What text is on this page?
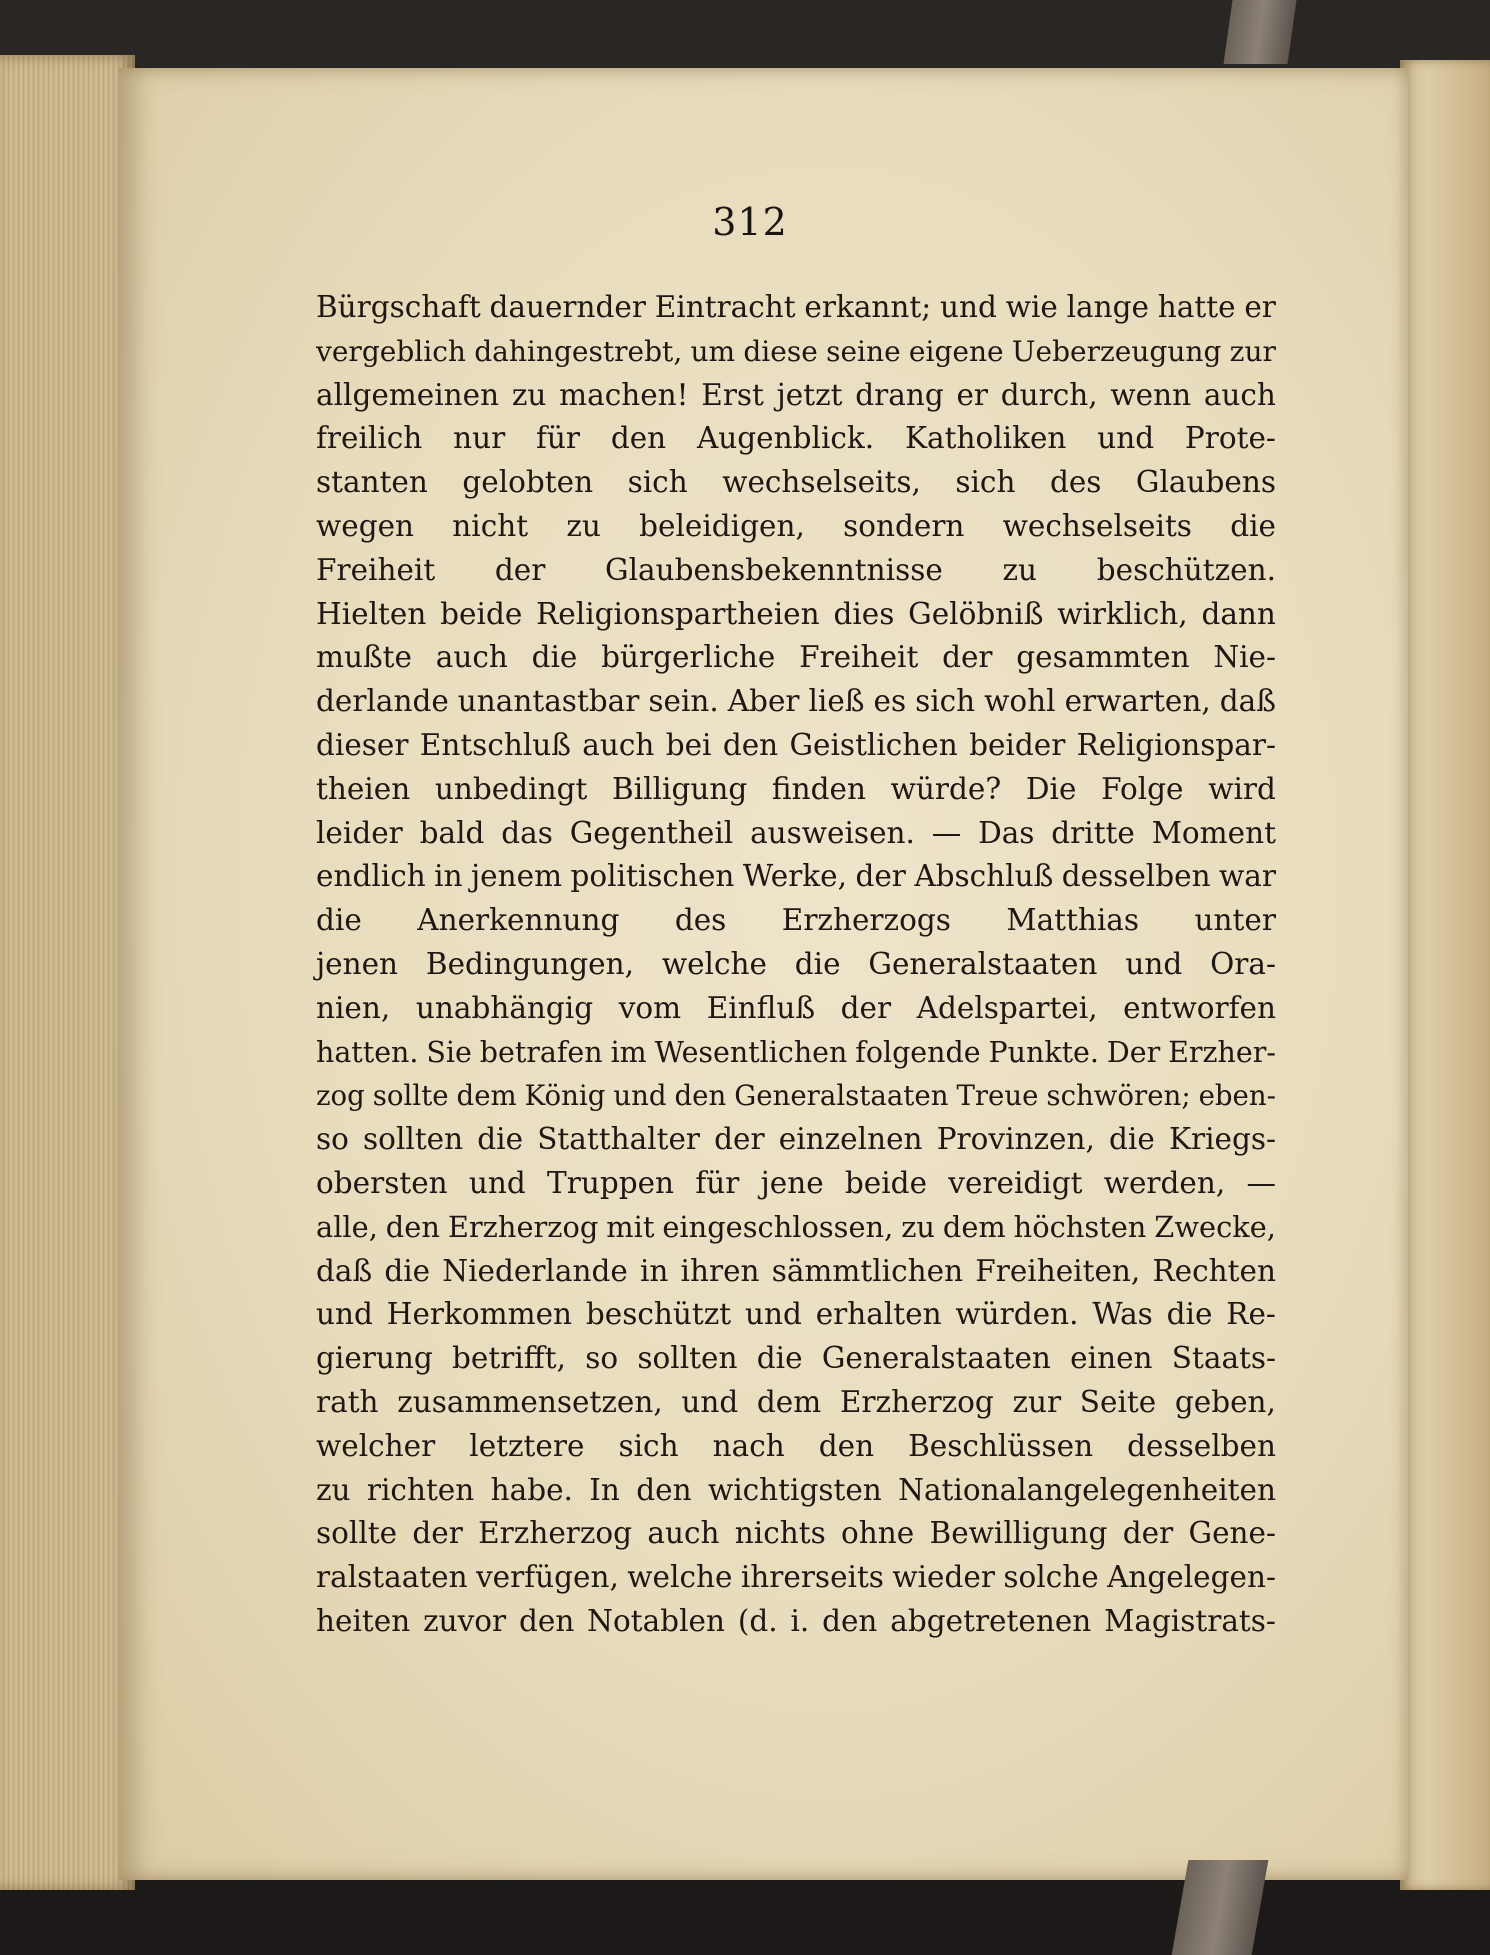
312
Bürgschaft dauernder Eintracht erkannt; und wie lange hatte er
vergeblich dahingestrebt, um diese seine eigene Ueberzeugung zur
allgemeinen zu machen! Erst jetzt drang er durch, wenn auch
freilich nur für den Augenblick. Katholiken und Prote-
stanten gelobten sich wechselseits, sich des Glaubens
wegen nicht zu beleidigen, sondern wechselseits die
Freiheit der Glaubensbekenntnisse zu beschützen.
Hielten beide Religionspartheien dies Gelöbniß wirklich, dann
mußte auch die bürgerliche Freiheit der gesammten Nie-
derlande unantastbar sein. Aber ließ es sich wohl erwarten, daß
dieser Entschluß auch bei den Geistlichen beider Religionspar-
theien unbedingt Billigung finden würde? Die Folge wird
leider bald das Gegentheil ausweisen. — Das dritte Moment
endlich in jenem politischen Werke, der Abschluß desselben war
die Anerkennung des Erzherzogs Matthias unter
jenen Bedingungen, welche die Generalstaaten und Ora-
nien, unabhängig vom Einfluß der Adelspartei, entworfen
hatten. Sie betrafen im Wesentlichen folgende Punkte. Der Erzher-
zog sollte dem König und den Generalstaaten Treue schwören; eben-
so sollten die Statthalter der einzelnen Provinzen, die Kriegs-
obersten und Truppen für jene beide vereidigt werden, —
alle, den Erzherzog mit eingeschlossen, zu dem höchsten Zwecke,
daß die Niederlande in ihren sämmtlichen Freiheiten, Rechten
und Herkommen beschützt und erhalten würden. Was die Re-
gierung betrifft, so sollten die Generalstaaten einen Staats-
rath zusammensetzen, und dem Erzherzog zur Seite geben,
welcher letztere sich nach den Beschlüssen desselben
zu richten habe. In den wichtigsten Nationalangelegenheiten
sollte der Erzherzog auch nichts ohne Bewilligung der Gene-
ralstaaten verfügen, welche ihrerseits wieder solche Angelegen-
heiten zuvor den Notablen (d. i. den abgetretenen Magistrats-
